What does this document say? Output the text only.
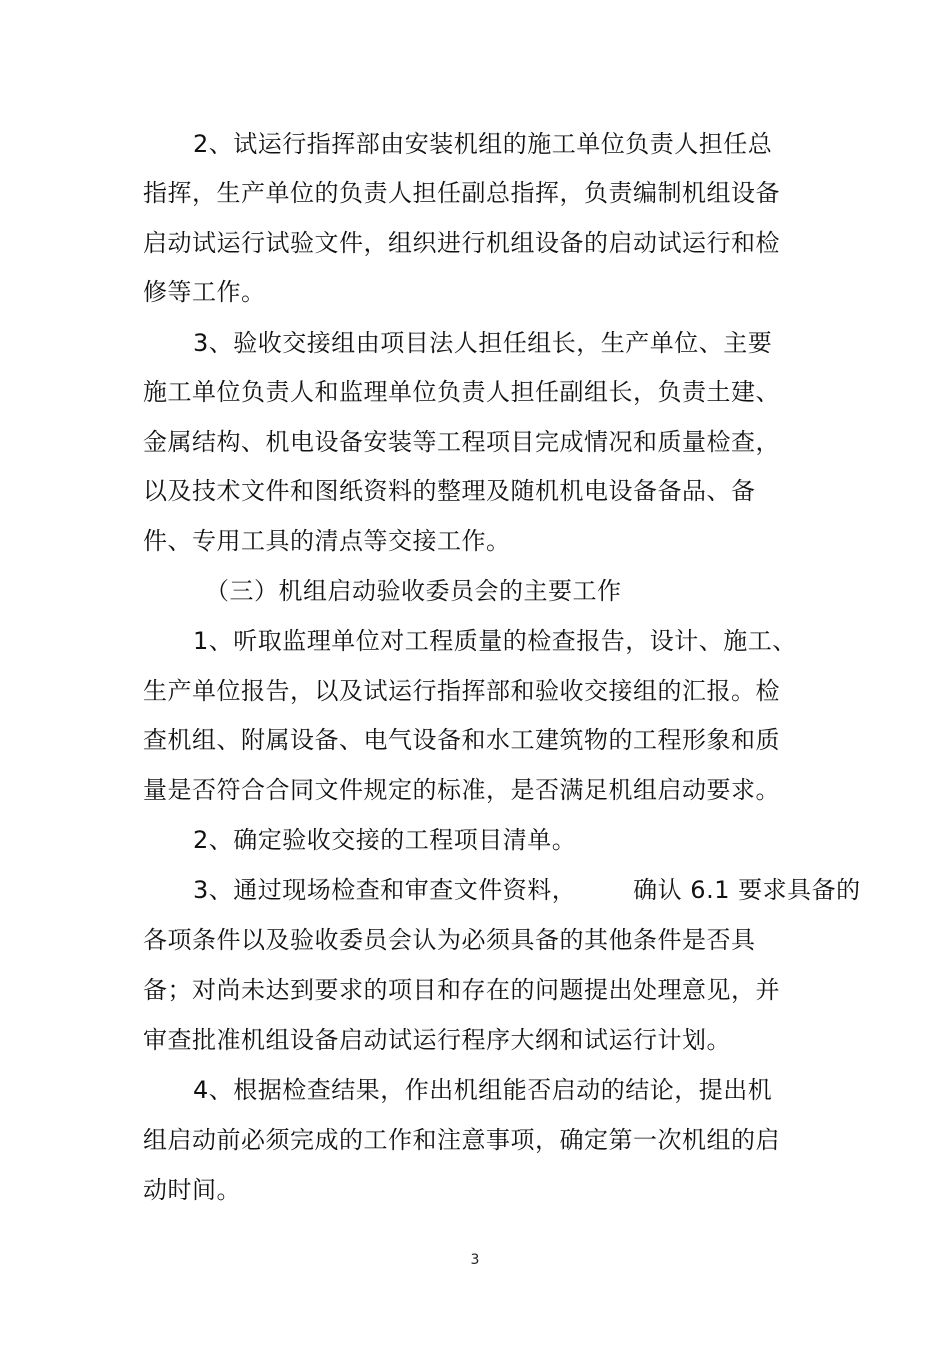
2、试运行指挥部由安装机组的施工单位负责人担任总
指挥，生产单位的负责人担任副总指挥，负责编制机组设备
启动试运行试验文件，组织进行机组设备的启动试运行和检
修等工作。
3、验收交接组由项目法人担任组长，生产单位、主要
施工单位负责人和监理单位负责人担任副组长，负责土建、
金属结构、机电设备安装等工程项目完成情况和质量检查，
以及技术文件和图纸资料的整理及随机机电设备备品、备
件、专用工具的清点等交接工作。
（三）机组启动验收委员会的主要工作
1、听取监理单位对工程质量的检查报告，设计、施工、
生产单位报告，以及试运行指挥部和验收交接组的汇报。检
查机组、附属设备、电气设备和水工建筑物的工程形象和质
量是否符合合同文件规定的标准，是否满足机组启动要求。
2、确定验收交接的工程项目清单。
3、通过现场检查和审查文件资料，       确认 6.1 要求具备的
各项条件以及验收委员会认为必须具备的其他条件是否具
备；对尚未达到要求的项目和存在的问题提出处理意见，并
审查批准机组设备启动试运行程序大纲和试运行计划。
4、根据检查结果，作出机组能否启动的结论，提出机
组启动前必须完成的工作和注意事项，确定第一次机组的启
动时间。
3
